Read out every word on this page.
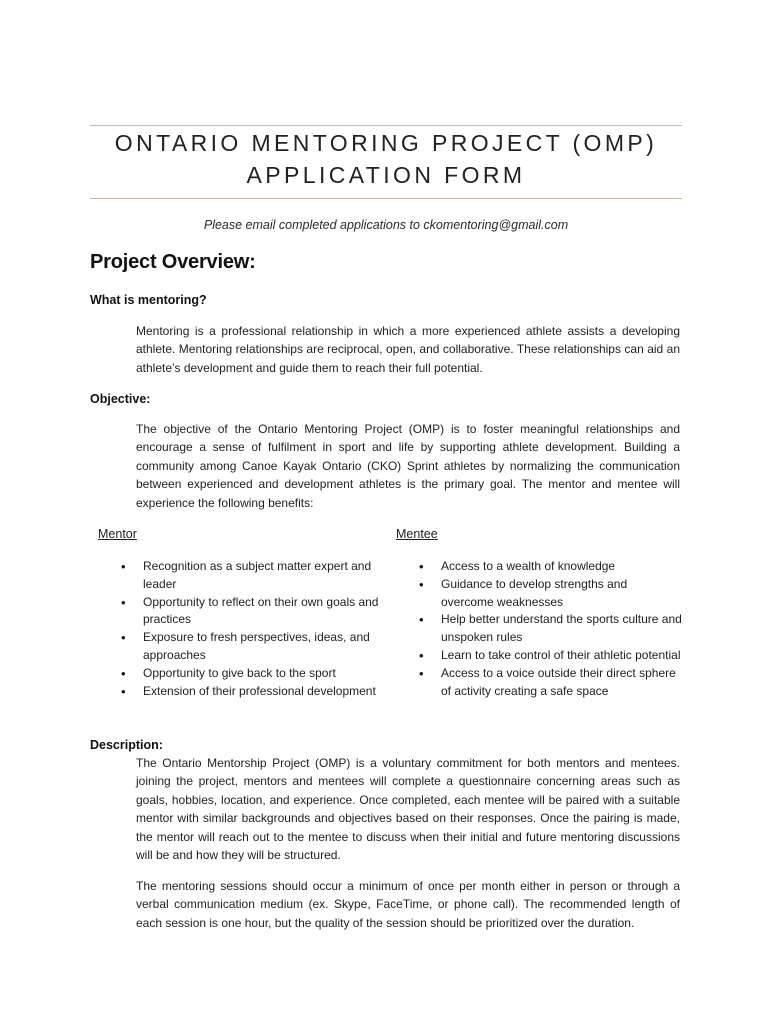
ONTARIO MENTORING PROJECT (OMP)
APPLICATION FORM
Please email completed applications to ckomentoring@gmail.com
Project Overview:
What is mentoring?

Mentoring is a professional relationship in which a more experienced athlete assists a developing athlete. Mentoring relationships are reciprocal, open, and collaborative. These relationships can aid an athlete’s development and guide them to reach their full potential.

Objective:

The objective of the Ontario Mentoring Project (OMP) is to foster meaningful relationships and encourage a sense of fulfilment in sport and life by supporting athlete development. Building a community among Canoe Kayak Ontario (CKO) Sprint athletes by normalizing the communication between experienced and development athletes is the primary goal. The mentor and mentee will experience the following benefits:

Mentor	Mentee
• Recognition as a subject matter expert and leader
• Opportunity to reflect on their own goals and practices
• Exposure to fresh perspectives, ideas, and approaches
• Opportunity to give back to the sport
• Extension of their professional development
• Access to a wealth of knowledge
• Guidance to develop strengths and overcome weaknesses
• Help better understand the sports culture and unspoken rules
• Learn to take control of their athletic potential
• Access to a voice outside their direct sphere of activity creating a safe space
Description:

The Ontario Mentorship Project (OMP) is a voluntary commitment for both mentors and mentees. joining the project, mentors and mentees will complete a questionnaire concerning areas such as goals, hobbies, location, and experience. Once completed, each mentee will be paired with a suitable mentor with similar backgrounds and objectives based on their responses. Once the pairing is made, the mentor will reach out to the mentee to discuss when their initial and future mentoring discussions will be and how they will be structured.

The mentoring sessions should occur a minimum of once per month either in person or through a verbal communication medium (ex. Skype, FaceTime, or phone call). The recommended length of each session is one hour, but the quality of the session should be prioritized over the duration.
